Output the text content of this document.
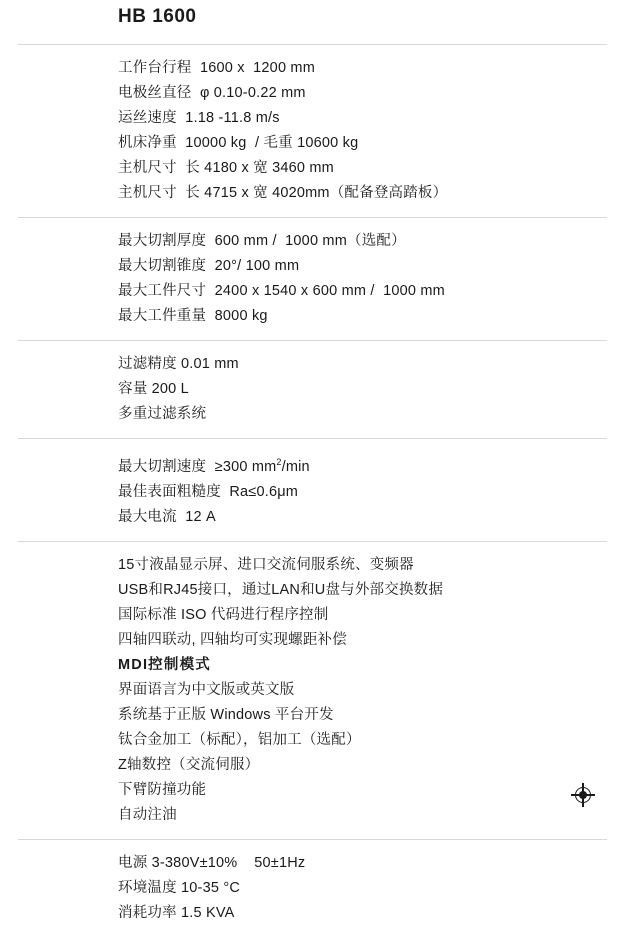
HB 1600
工作台行程  1600 x  1200 mm
电极丝直径  φ 0.10-0.22 mm
运丝速度  1.18 -11.8 m/s
机床净重  10000 kg  / 毛重 10600 kg
主机尺寸  长 4180 x 宽 3460 mm
主机尺寸  长 4715 x 宽 4020mm（配备登高踏板）
最大切割厚度  600 mm /  1000 mm（选配）
最大切割锥度  20°/ 100 mm
最大工件尺寸  2400 x 1540 x 600 mm /  1000 mm
最大工件重量  8000 kg
过滤精度 0.01 mm
容量 200 L
多重过滤系统
最大切割速度  ≥300 $mm^2/\min$
最佳表面粗糙度  Ra≤0.6μm
最大电流  12 A
15寸液晶显示屏、进口交流伺服系统、变频器
USB和RJ45接口，通过LAN和U盘与外部交换数据
国际标准 ISO 代码进行程序控制
四轴四联动, 四轴均可实现螺距补偿
MDI控制模式
界面语言为中文版或英文版
系统基于正版 Windows 平台开发
钛合金加工（标配），铝加工（选配）
Z轴数控（交流伺服）
下臂防撞功能
自动注油
电源 3-380V±10%    50±1Hz
环境温度 10-35 °C
消耗功率 1.5 KVA
